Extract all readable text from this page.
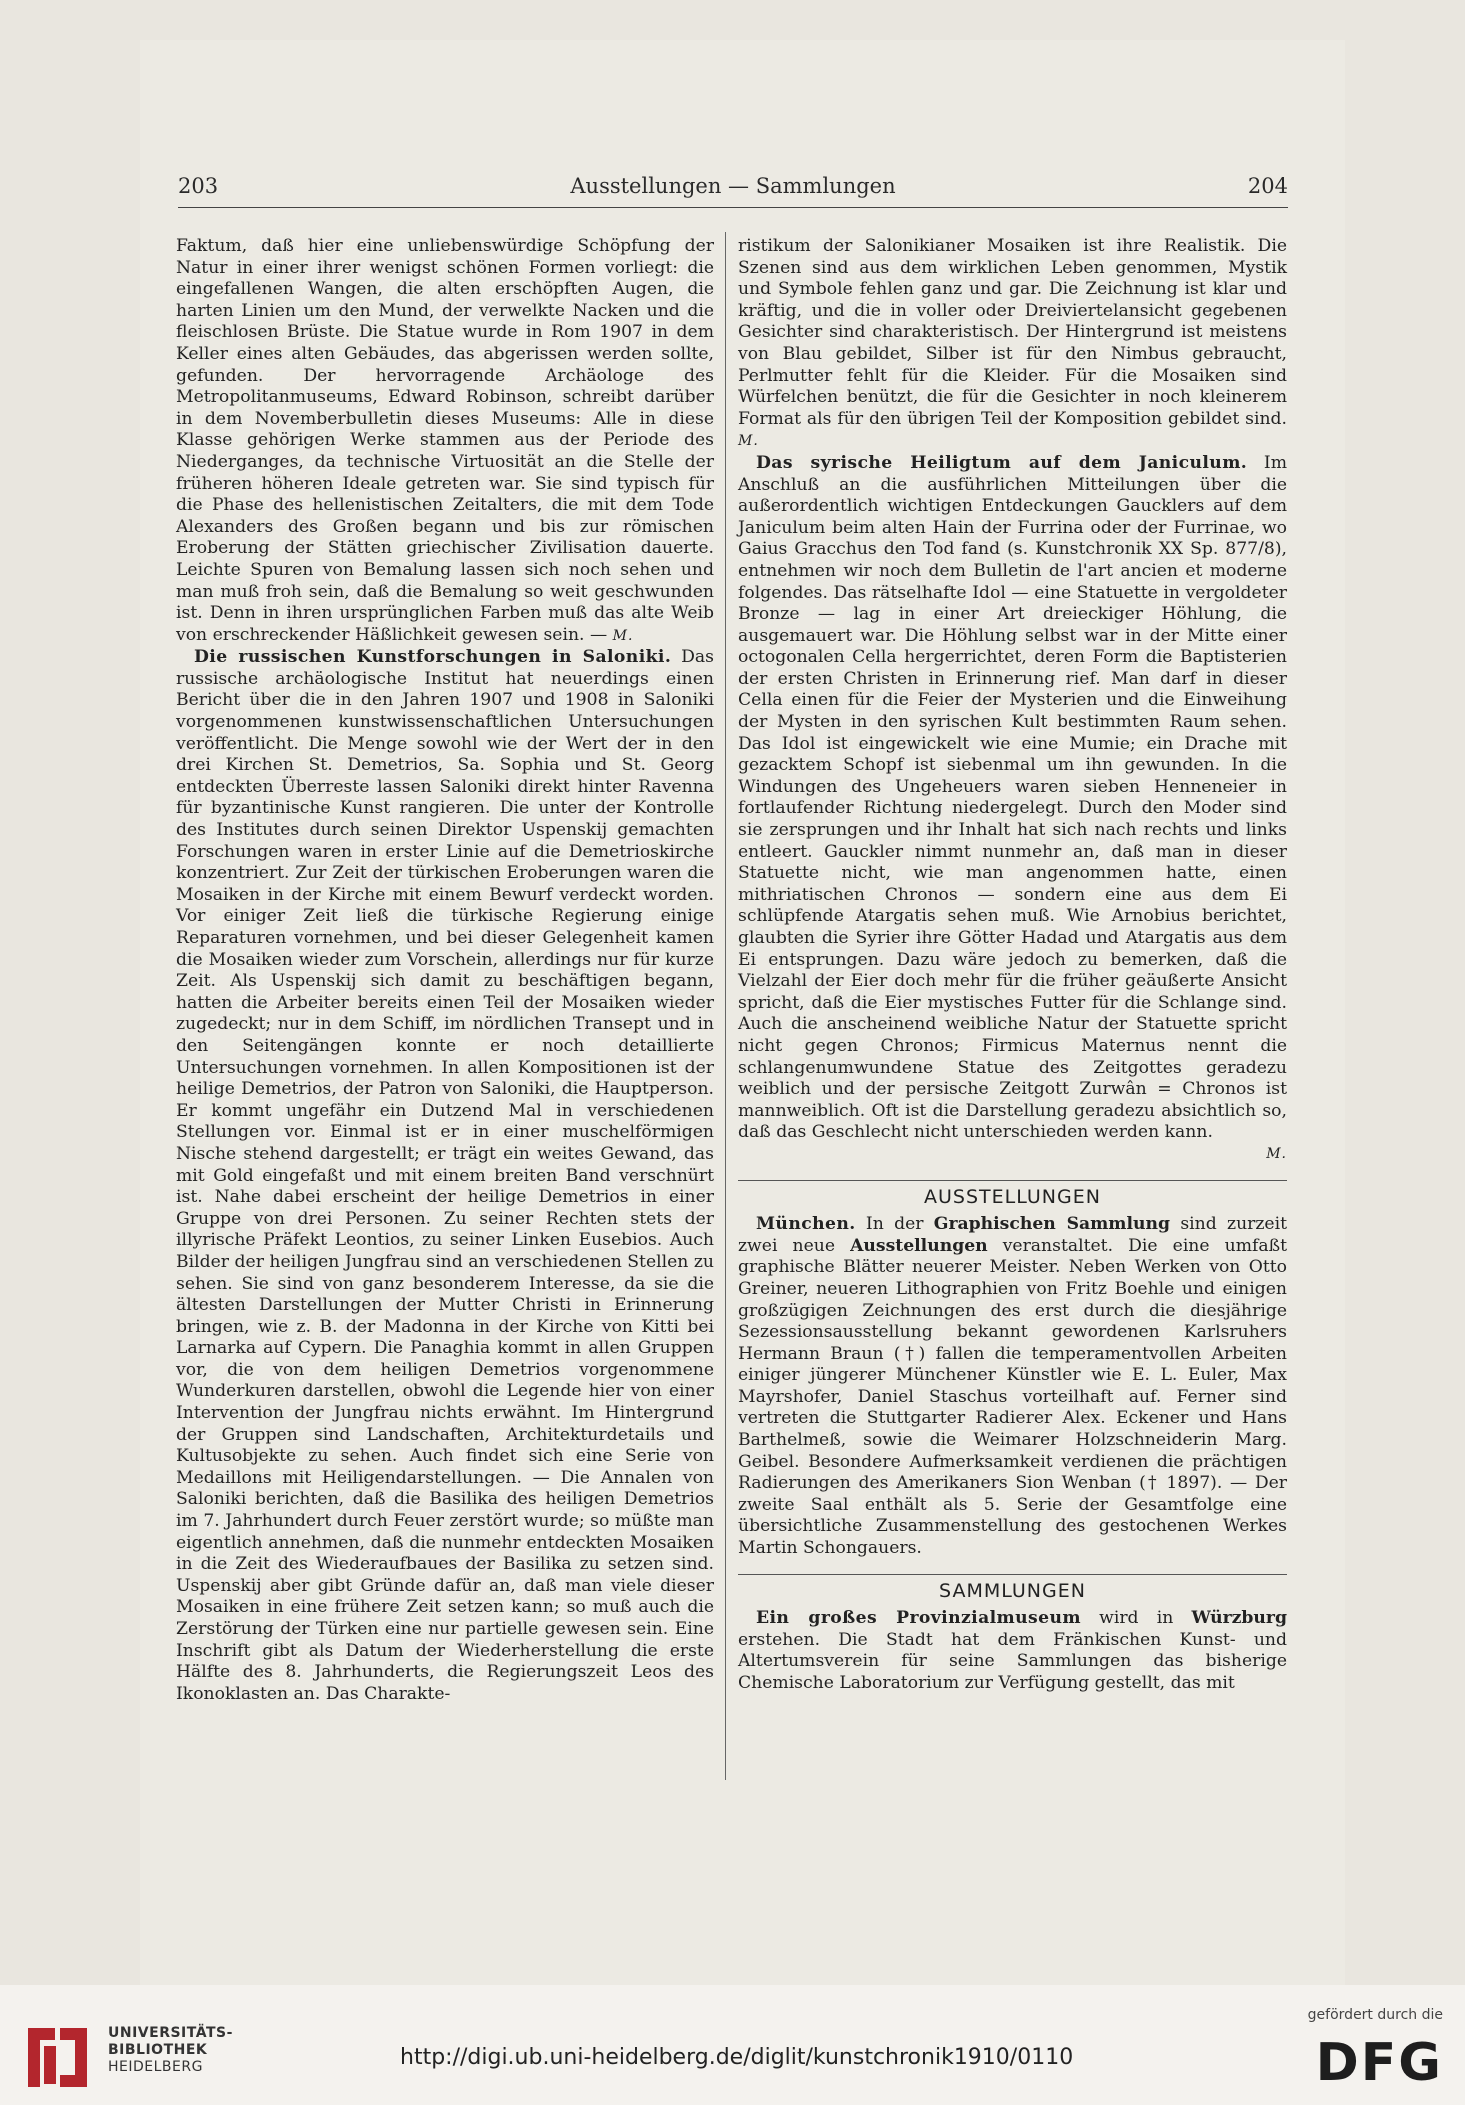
203	Ausstellungen — Sammlungen	204

Faktum, daß hier eine unliebenswürdige Schöpfung der Natur in einer ihrer wenigst schönen Formen vorliegt: die eingefallenen Wangen, die alten erschöpften Augen, die harten Linien um den Mund, der verwelkte Nacken und die fleischlosen Brüste. Die Statue wurde in Rom 1907 in dem Keller eines alten Gebäudes, das abgerissen werden sollte, gefunden. Der hervorragende Archäologe des Metropolitanmuseums, Edward Robinson, schreibt darüber in dem Novemberbulletin dieses Museums: Alle in diese Klasse gehörigen Werke stammen aus der Periode des Niederganges, da technische Virtuosität an die Stelle der früheren höheren Ideale getreten war. Sie sind typisch für die Phase des hellenistischen Zeitalters, die mit dem Tode Alexanders des Großen begann und bis zur römischen Eroberung der Stätten griechischer Zivilisation dauerte. Leichte Spuren von Bemalung lassen sich noch sehen und man muß froh sein, daß die Bemalung so weit geschwunden ist. Denn in ihren ursprünglichen Farben muß das alte Weib von erschreckender Häßlichkeit gewesen sein. — M.

Die russischen Kunstforschungen in Saloniki. Das russische archäologische Institut hat neuerdings einen Bericht über die in den Jahren 1907 und 1908 in Saloniki vorgenommenen kunstwissenschaftlichen Untersuchungen veröffentlicht. Die Menge sowohl wie der Wert der in den drei Kirchen St. Demetrios, Sa. Sophia und St. Georg entdeckten Überreste lassen Saloniki direkt hinter Ravenna für byzantinische Kunst rangieren. Die unter der Kontrolle des Institutes durch seinen Direktor Uspenskij gemachten Forschungen waren in erster Linie auf die Demetrioskirche konzentriert. Zur Zeit der türkischen Eroberungen waren die Mosaiken in der Kirche mit einem Bewurf verdeckt worden. Vor einiger Zeit ließ die türkische Regierung einige Reparaturen vornehmen, und bei dieser Gelegenheit kamen die Mosaiken wieder zum Vorschein, allerdings nur für kurze Zeit. Als Uspenskij sich damit zu beschäftigen begann, hatten die Arbeiter bereits einen Teil der Mosaiken wieder zugedeckt; nur in dem Schiff, im nördlichen Transept und in den Seitengängen konnte er noch detaillierte Untersuchungen vornehmen. In allen Kompositionen ist der heilige Demetrios, der Patron von Saloniki, die Hauptperson. Er kommt ungefähr ein Dutzend Mal in verschiedenen Stellungen vor. Einmal ist er in einer muschelförmigen Nische stehend dargestellt; er trägt ein weites Gewand, das mit Gold eingefaßt und mit einem breiten Band verschnürt ist. Nahe dabei erscheint der heilige Demetrios in einer Gruppe von drei Personen. Zu seiner Rechten stets der illyrische Präfekt Leontios, zu seiner Linken Eusebios. Auch Bilder der heiligen Jungfrau sind an verschiedenen Stellen zu sehen. Sie sind von ganz besonderem Interesse, da sie die ältesten Darstellungen der Mutter Christi in Erinnerung bringen, wie z. B. der Madonna in der Kirche von Kitti bei Larnarka auf Cypern. Die Panaghia kommt in allen Gruppen vor, die von dem heiligen Demetrios vorgenommene Wunderkuren darstellen, obwohl die Legende hier von einer Intervention der Jungfrau nichts erwähnt. Im Hintergrund der Gruppen sind Landschaften, Architekturdetails und Kultusobjekte zu sehen. Auch findet sich eine Serie von Medaillons mit Heiligendarstellungen. — Die Annalen von Saloniki berichten, daß die Basilika des heiligen Demetrios im 7. Jahrhundert durch Feuer zerstört wurde; so müßte man eigentlich annehmen, daß die nunmehr entdeckten Mosaiken in die Zeit des Wiederaufbaues der Basilika zu setzen sind. Uspenskij aber gibt Gründe dafür an, daß man viele dieser Mosaiken in eine frühere Zeit setzen kann; so muß auch die Zerstörung der Türken eine nur partielle gewesen sein. Eine Inschrift gibt als Datum der Wiederherstellung die erste Hälfte des 8. Jahrhunderts, die Regierungszeit Leos des Ikonoklasten an. Das Charakte-

ristikum der Salonikianer Mosaiken ist ihre Realistik. Die Szenen sind aus dem wirklichen Leben genommen, Mystik und Symbole fehlen ganz und gar. Die Zeichnung ist klar und kräftig, und die in voller oder Dreiviertelansicht gegebenen Gesichter sind charakteristisch. Der Hintergrund ist meistens von Blau gebildet, Silber ist für den Nimbus gebraucht, Perlmutter fehlt für die Kleider. Für die Mosaiken sind Würfelchen benützt, die für die Gesichter in noch kleinerem Format als für den übrigen Teil der Komposition gebildet sind. M.

Das syrische Heiligtum auf dem Janiculum. Im Anschluß an die ausführlichen Mitteilungen über die außerordentlich wichtigen Entdeckungen Gaucklers auf dem Janiculum beim alten Hain der Furrina oder der Furrinae, wo Gaius Gracchus den Tod fand (s. Kunstchronik XX Sp. 877/8), entnehmen wir noch dem Bulletin de l'art ancien et moderne folgendes. Das rätselhafte Idol — eine Statuette in vergoldeter Bronze — lag in einer Art dreieckiger Höhlung, die ausgemauert war. Die Höhlung selbst war in der Mitte einer octogonalen Cella hergerrichtet, deren Form die Baptisterien der ersten Christen in Erinnerung rief. Man darf in dieser Cella einen für die Feier der Mysterien und die Einweihung der Mysten in den syrischen Kult bestimmten Raum sehen. Das Idol ist eingewickelt wie eine Mumie; ein Drache mit gezacktem Schopf ist siebenmal um ihn gewunden. In die Windungen des Ungeheuers waren sieben Henneneier in fortlaufender Richtung niedergelegt. Durch den Moder sind sie zersprungen und ihr Inhalt hat sich nach rechts und links entleert. Gauckler nimmt nunmehr an, daß man in dieser Statuette nicht, wie man angenommen hatte, einen mithriatischen Chronos — sondern eine aus dem Ei schlüpfende Atargatis sehen muß. Wie Arnobius berichtet, glaubten die Syrier ihre Götter Hadad und Atargatis aus dem Ei entsprungen. Dazu wäre jedoch zu bemerken, daß die Vielzahl der Eier doch mehr für die früher geäußerte Ansicht spricht, daß die Eier mystisches Futter für die Schlange sind. Auch die anscheinend weibliche Natur der Statuette spricht nicht gegen Chronos; Firmicus Maternus nennt die schlangenumwundene Statue des Zeitgottes geradezu weiblich und der persische Zeitgott Zurwân = Chronos ist mannweiblich. Oft ist die Darstellung geradezu absichtlich so, daß das Geschlecht nicht unterschieden werden kann.

M.
AUSSTELLUNGEN

München. In der Graphischen Sammlung sind zurzeit zwei neue Ausstellungen veranstaltet. Die eine umfaßt graphische Blätter neuerer Meister. Neben Werken von Otto Greiner, neueren Lithographien von Fritz Boehle und einigen großzügigen Zeichnungen des erst durch die diesjährige Sezessionsausstellung bekannt gewordenen Karlsruhers Hermann Braun (†) fallen die temperamentvollen Arbeiten einiger jüngerer Münchener Künstler wie E. L. Euler, Max Mayrshofer, Daniel Staschus vorteilhaft auf. Ferner sind vertreten die Stuttgarter Radierer Alex. Eckener und Hans Barthelmeß, sowie die Weimarer Holzschneiderin Marg. Geibel. Besondere Aufmerksamkeit verdienen die prächtigen Radierungen des Amerikaners Sion Wenban († 1897). — Der zweite Saal enthält als 5. Serie der Gesamtfolge eine übersichtliche Zusammenstellung des gestochenen Werkes Martin Schongauers.

SAMMLUNGEN

Ein großes Provinzialmuseum wird in Würzburg erstehen. Die Stadt hat dem Fränkischen Kunst- und Altertumsverein für seine Sammlungen das bisherige Chemische Laboratorium zur Verfügung gestellt, das mit

UNIVERSITÄTS-
BIBLIOTHEK
HEIDELBERG	http://digi.ub.uni-heidelberg.de/diglit/kunstchronik1910/0110
gefördert durch die
DFG
